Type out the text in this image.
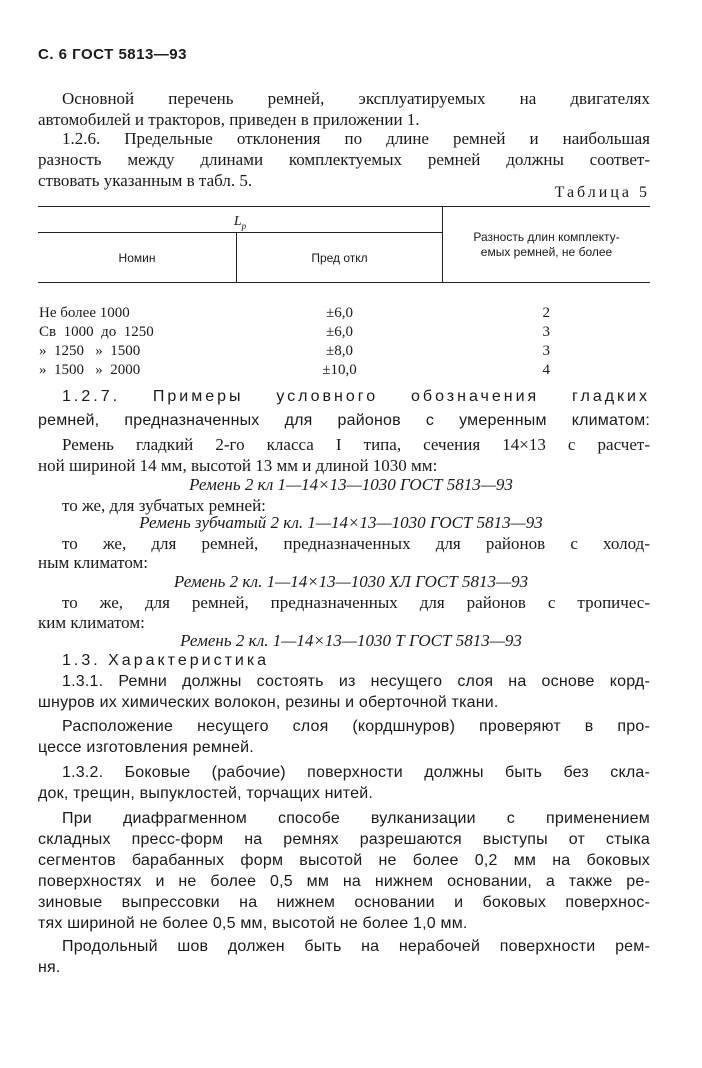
С. 6 ГОСТ 5813—93

Основной перечень ремней, эксплуатируемых на двигателях

автомобилей и тракторов, приведен в приложении 1.

1.2.6. Предельные отклонения по длине ремней и наибольшая

разность между длинами комплектуемых ремней должны соответ-

ствовать указанным в табл. 5.

Таблица 5
$L_р$		Разность длин комплекту-
емых ремней, не более

Номин	Пред откл	

Не более 1000	±6,0	2
Св  1000  до  1250	±6,0	3
»  1250   »  1500	±8,0	3
»  1500   »  2000	±10,0	4

1.2.7. Примеры условного обозначения гладких

ремней, предназначенных для районов с умеренным климатом:

Ремень гладкий 2-го класса I типа, сечения 14×13 с расчет-

ной шириной 14 мм, высотой 13 мм и длиной 1030 мм:

Ремень 2 кл 1—14×13—1030 ГОСТ 5813—93

то же, для зубчатых ремней:

Ремень зубчатый 2 кл. 1—14×13—1030 ГОСТ 5813—93

то же, для ремней, предназначенных для районов с холод-

ным климатом:

Ремень 2 кл. 1—14×13—1030 ХЛ ГОСТ 5813—93

то же, для ремней, предназначенных для районов с тропичес-

ким климатом:

Ремень 2 кл. 1—14×13—1030 Т ГОСТ 5813—93

1.3. Характеристика

1.3.1. Ремни должны состоять из несущего слоя на основе корд-

шнуров их химических волокон, резины и оберточной ткани.

Расположение несущего слоя (кордшнуров) проверяют в про-

цессе изготовления ремней.

1.3.2. Боковые (рабочие) поверхности должны быть без скла-

док, трещин, выпуклостей, торчащих нитей.

При диафрагменном способе вулканизации с применением

складных пресс-форм на ремнях разрешаются выступы от стыка

сегментов барабанных форм высотой не более 0,2 мм на боковых

поверхностях и не более 0,5 мм на нижнем основании, а также ре-

зиновые выпрессовки на нижнем основании и боковых поверхнос-

тях шириной не более 0,5 мм, высотой не более 1,0 мм.

Продольный шов должен быть на нерабочей поверхности рем-

ня.
